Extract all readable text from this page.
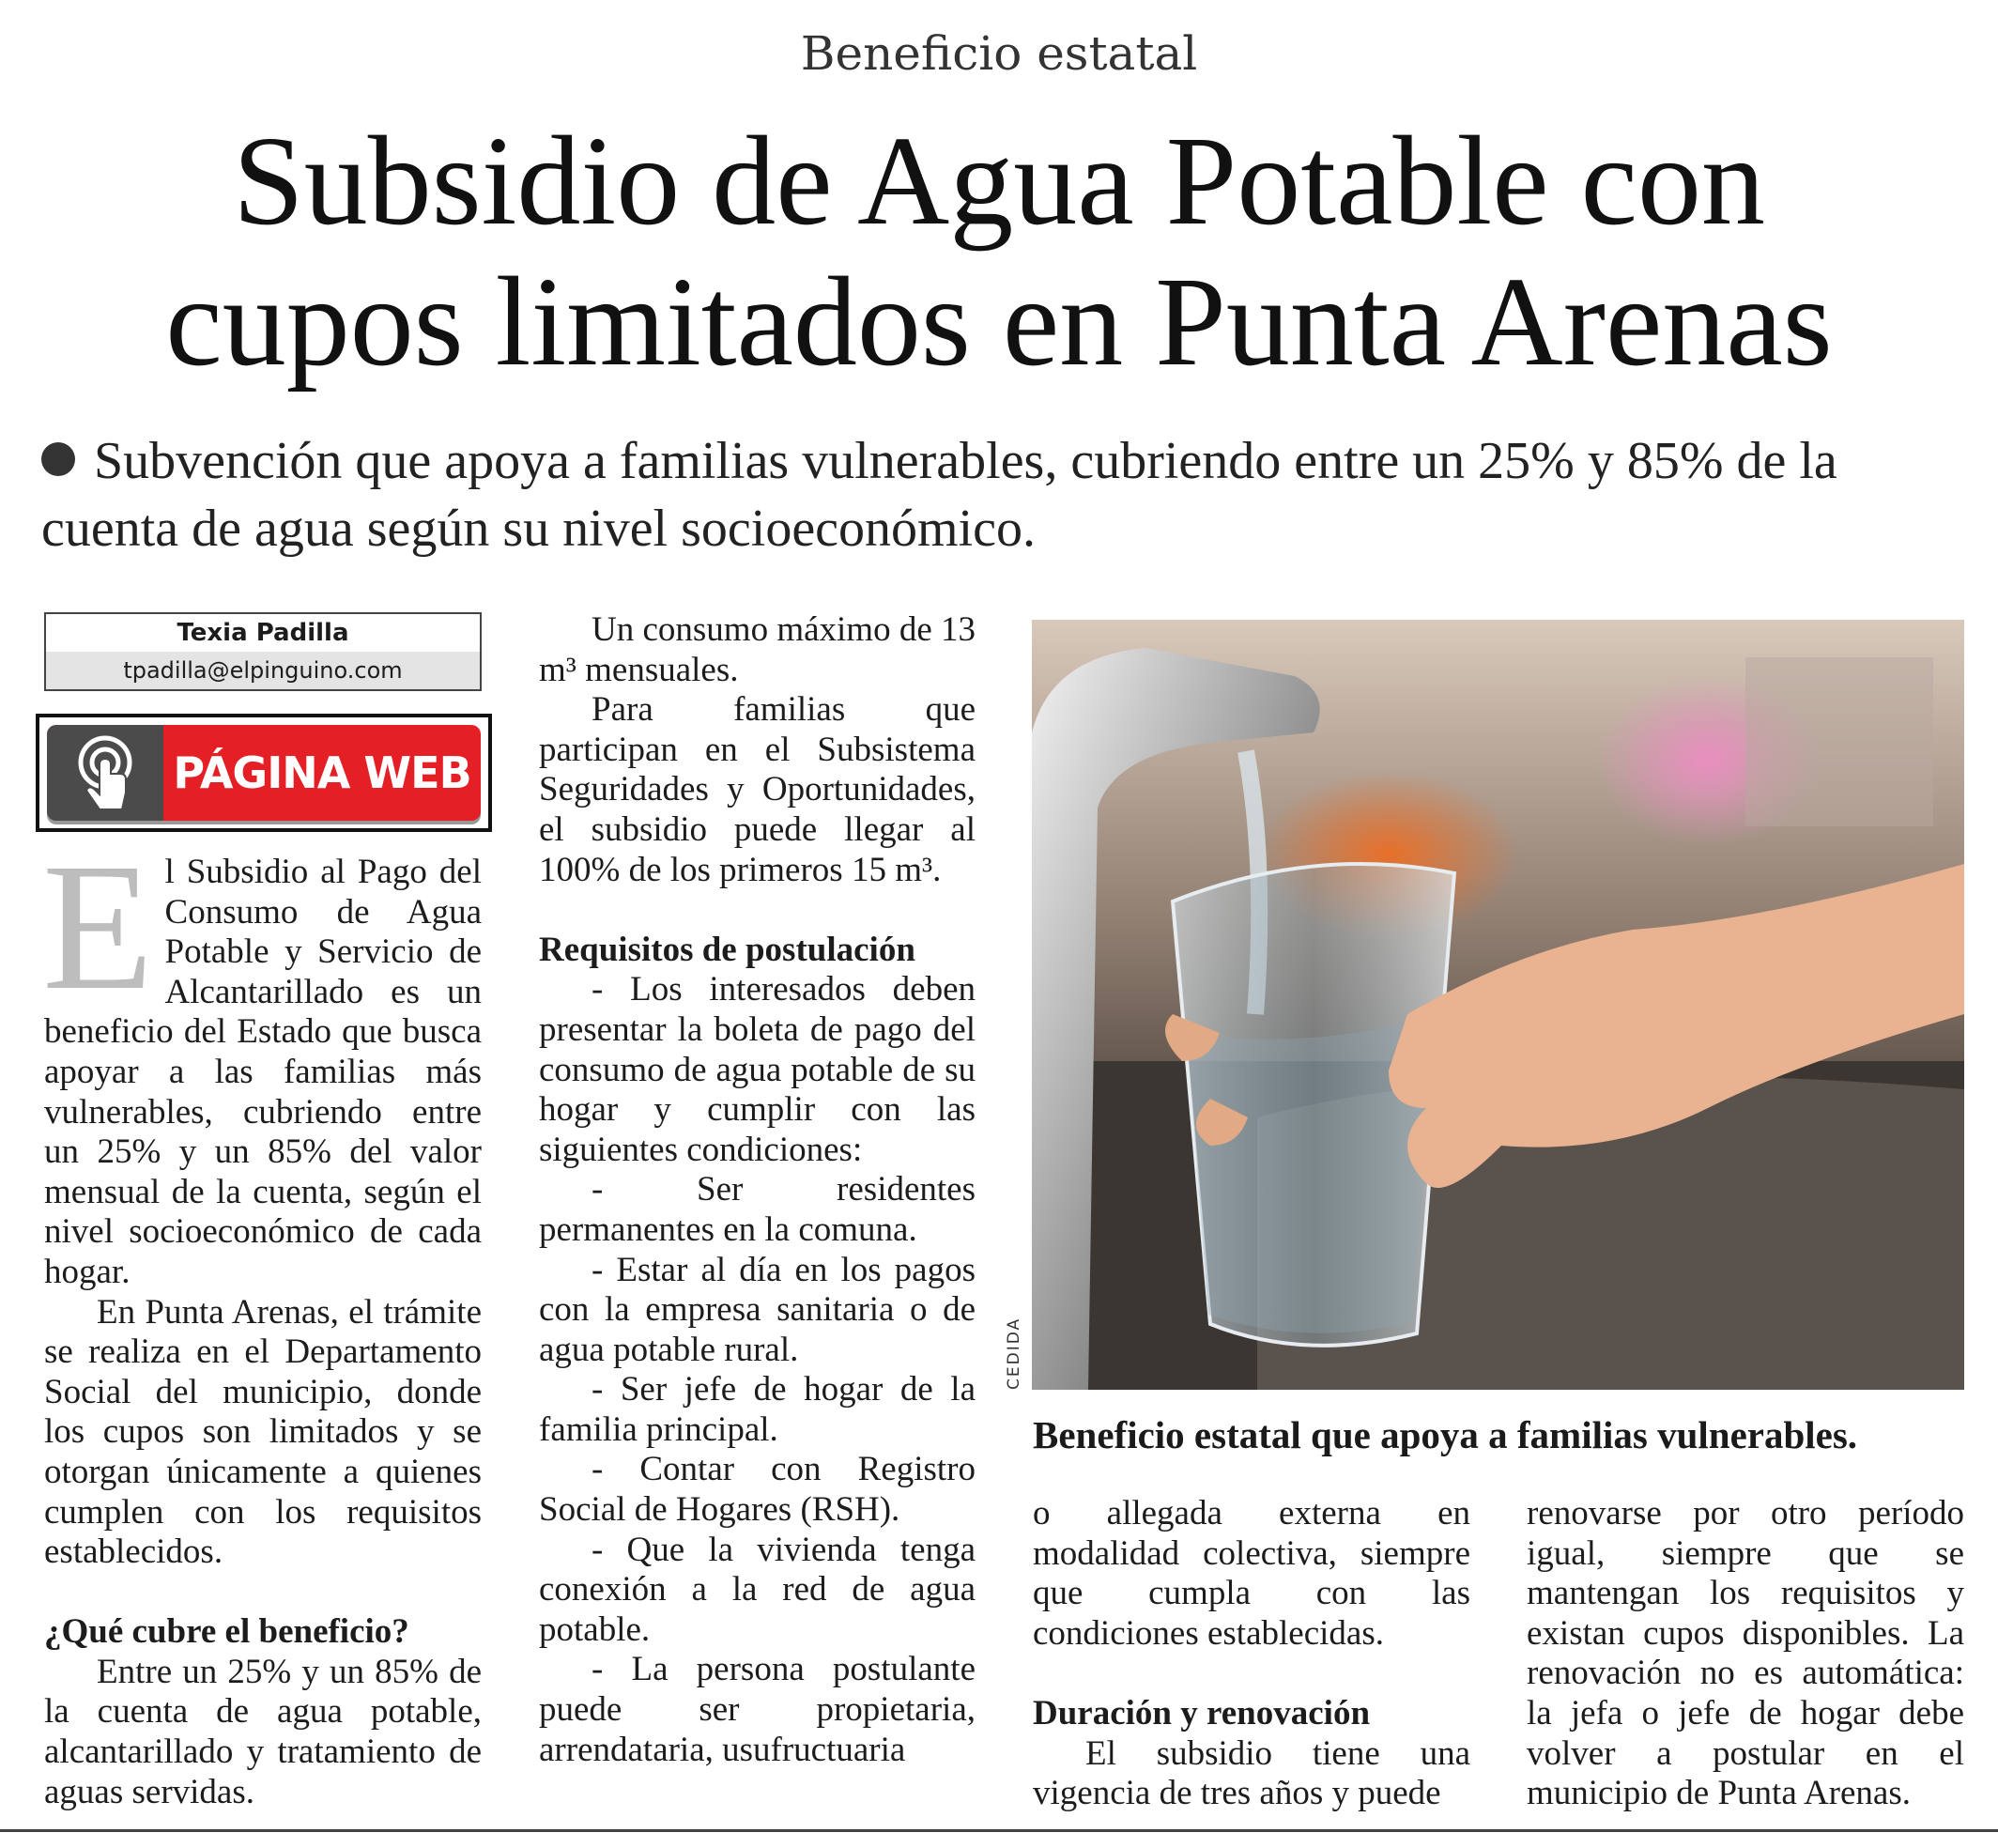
Beneficio estatal
Subsidio de Agua Potable con
cupos limitados en Punta Arenas
Subvención que apoya a familias vulnerables, cubriendo entre un 25% y 85% de la cuenta de agua según su nivel socioeconómico.
Texia Padilla
tpadilla@elpinguino.com
PÁGINA WEB

El Subsidio al Pago del Consumo de Agua Potable y Servicio de Alcantarillado es un beneficio del Estado que busca apoyar a las familias más vulnerables, cubriendo entre un 25% y un 85% del valor mensual de la cuenta, según el nivel socioeconómico de cada hogar.

En Punta Arenas, el trámite se realiza en el Departamento Social del municipio, donde los cupos son limitados y se otorgan únicamente a quienes cumplen con los requisitos establecidos.

¿Qué cubre el beneficio?

Entre un 25% y un 85% de la cuenta de agua potable, alcantarillado y tratamiento de aguas servidas.

Un consumo máximo de 13 m³ mensuales.

Para familias que participan en el Subsistema Seguridades y Oportunidades, el subsidio puede llegar al 100% de los primeros 15 m³.

Requisitos de postulación

- Los interesados deben presentar la boleta de pago del consumo de agua potable de su hogar y cumplir con las siguientes condiciones:

- Ser residentes permanentes en la comuna.

- Estar al día en los pagos con la empresa sanitaria o de agua potable rural.

- Ser jefe de hogar de la familia principal.

- Contar con Registro Social de Hogares (RSH).

- Que la vivienda tenga conexión a la red de agua potable.

- La persona postulante puede ser propietaria, arrendataria, usufructuaria

CEDIDA
Beneficio estatal que apoya a familias vulnerables.

o allegada externa en modalidad colectiva, siempre que cumpla con las condiciones establecidas.

Duración y renovación

El subsidio tiene una vigencia de tres años y puede

renovarse por otro período igual, siempre que se mantengan los requisitos y existan cupos disponibles. La renovación no es automática: la jefa o jefe de hogar debe volver a postular en el municipio de Punta Arenas.
